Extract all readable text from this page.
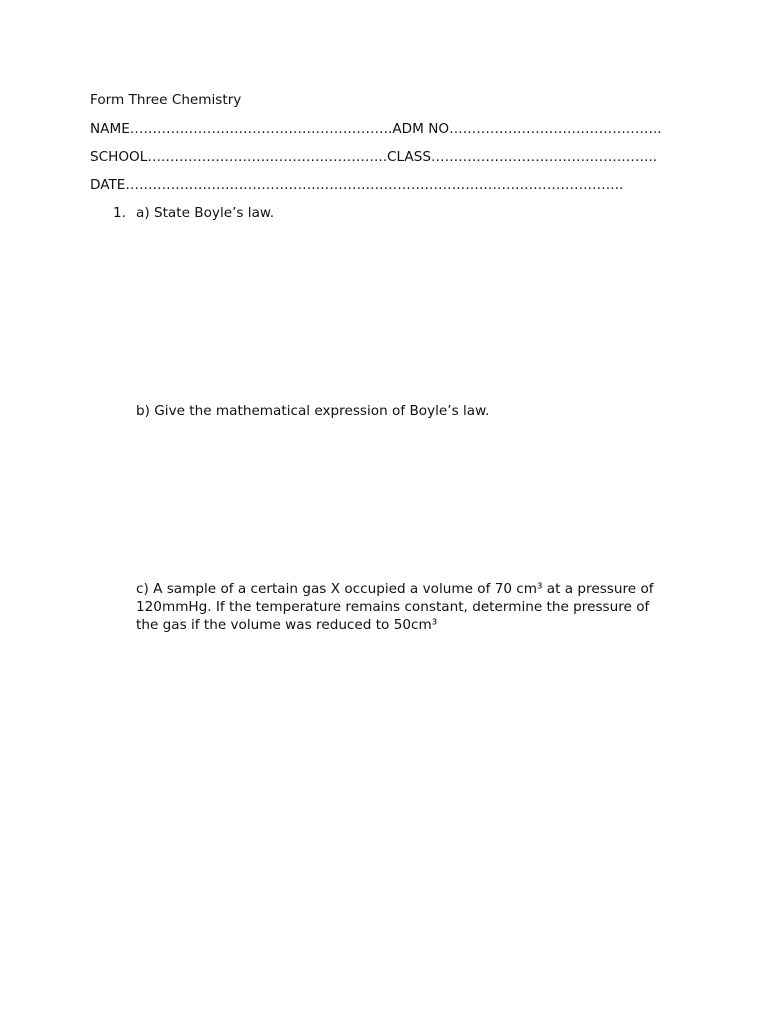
Form Three Chemistry
NAME………………………………………………….ADM NO………………………………………..
SCHOOL……………………………………………..CLASS…………………………………………..
DATE………………………………………………………………………………………………..
1. a) State Boyle’s law.
b) Give the mathematical expression of Boyle’s law.
c) A sample of a certain gas X occupied a volume of 70 cm³ at a pressure of
120mmHg. If the temperature remains constant, determine the pressure of
the gas if the volume was reduced to 50cm³
